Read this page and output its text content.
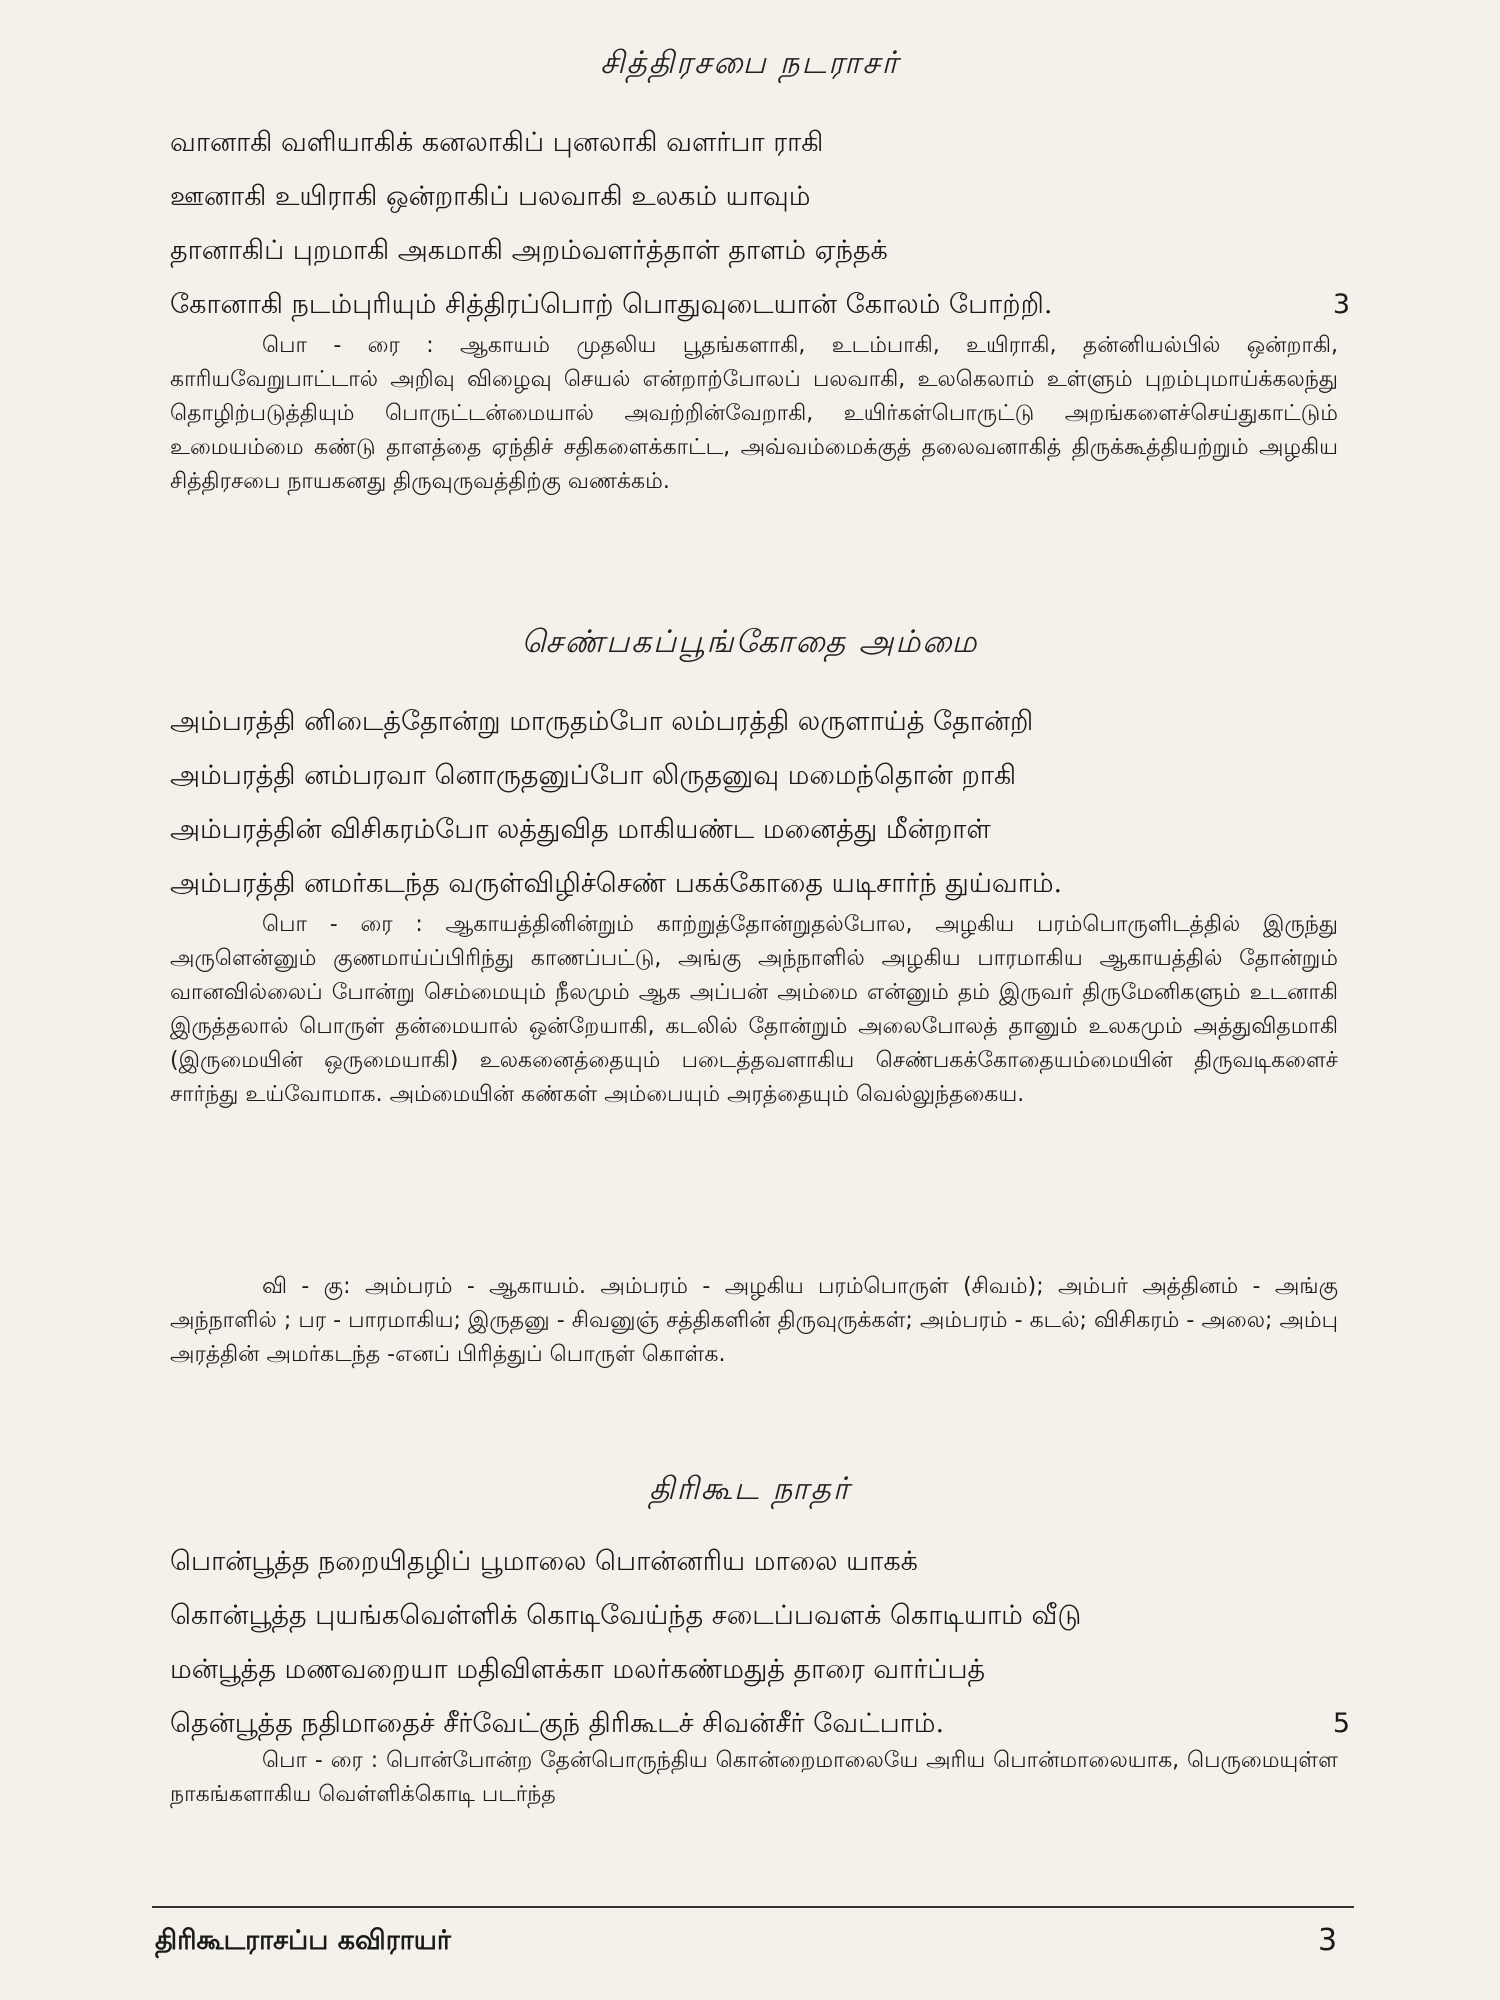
சித்திரசபை நடராசர்
வானாகி வளியாகிக் கனலாகிப் புனலாகி வளர்பா ராகி
ஊனாகி உயிராகி ஒன்றாகிப் பலவாகி உலகம் யாவும்
தானாகிப் புறமாகி அகமாகி அறம்வளர்த்தாள் தாளம் ஏந்தக்
கோனாகி நடம்புரியும் சித்திரப்பொற் பொதுவுடையான் கோலம் போற்றி.	3
பொ - ரை : ஆகாயம் முதலிய பூதங்களாகி, உடம்பாகி, உயிராகி, தன்னியல்பில் ஒன்றாகி, காரியவேறுபாட்டால் அறிவு விழைவு செயல் என்றாற்போலப் பலவாகி, உலகெலாம் உள்ளும் புறம்புமாய்க்கலந்து தொழிற்படுத்தியும் பொருட்டன்மையால் அவற்றின்வேறாகி, உயிர்கள்பொருட்டு அறங்களைச்செய்துகாட்டும் உமையம்மை கண்டு தாளத்தை ஏந்திச் சதிகளைக்காட்ட, அவ்வம்மைக்குத் தலைவனாகித் திருக்கூத்தியற்றும் அழகிய சித்திரசபை நாயகனது திருவுருவத்திற்கு வணக்கம்.
செண்பகப்பூங்கோதை அம்மை
அம்பரத்தி னிடைத்தோன்று மாருதம்போ லம்பரத்தி லருளாய்த் தோன்றி
அம்பரத்தி னம்பரவா னொருதனுப்போ லிருதனுவு மமைந்தொன் றாகி
அம்பரத்தின் விசிகரம்போ லத்துவித மாகியண்ட மனைத்து மீன்றாள்
அம்பரத்தி னமர்கடந்த வருள்விழிச்செண் பகக்கோதை யடிசார்ந் துய்வாம்.
பொ - ரை : ஆகாயத்தினின்றும் காற்றுத்தோன்றுதல்போல, அழகிய பரம்பொருளிடத்தில் இருந்து அருளென்னும் குணமாய்ப்பிரிந்து காணப்பட்டு, அங்கு அந்நாளில் அழகிய பாரமாகிய ஆகாயத்தில் தோன்றும் வானவில்லைப் போன்று செம்மையும் நீலமும் ஆக அப்பன் அம்மை என்னும் தம் இருவர் திருமேனிகளும் உடனாகி இருத்தலால் பொருள் தன்மையால் ஒன்றேயாகி, கடலில் தோன்றும் அலைபோலத் தானும் உலகமும் அத்துவிதமாகி (இருமையின் ஒருமையாகி) உலகனைத்தையும் படைத்தவளாகிய செண்பகக்கோதையம்மையின் திருவடிகளைச் சார்ந்து உய்வோமாக. அம்மையின் கண்கள் அம்பையும் அரத்தையும் வெல்லுந்தகைய.
வி - கு: அம்பரம் - ஆகாயம். அம்பரம் - அழகிய பரம்பொருள் (சிவம்); அம்பர் அத்தினம் - அங்கு அந்நாளில் ; பர - பாரமாகிய; இருதனு - சிவனுஞ் சத்திகளின் திருவுருக்கள்; அம்பரம் - கடல்; விசிகரம் - அலை; அம்பு அரத்தின் அமர்கடந்த -எனப் பிரித்துப் பொருள் கொள்க.
திரிகூட நாதர்
பொன்பூத்த நறையிதழிப் பூமாலை பொன்னரிய மாலை யாகக்
கொன்பூத்த புயங்கவெள்ளிக் கொடிவேய்ந்த சடைப்பவளக் கொடியாம் வீடு
மன்பூத்த மணவறையா மதிவிளக்கா மலர்கண்மதுத் தாரை வார்ப்பத்
தென்பூத்த நதிமாதைச் சீர்வேட்குந் திரிகூடச் சிவன்சீர் வேட்பாம்.	5
பொ - ரை : பொன்போன்ற தேன்பொருந்திய கொன்றைமாலையே அரிய பொன்மாலையாக, பெருமையுள்ள நாகங்களாகிய வெள்ளிக்கொடி படர்ந்த
திரிகூடராசப்ப கவிராயர்	3
